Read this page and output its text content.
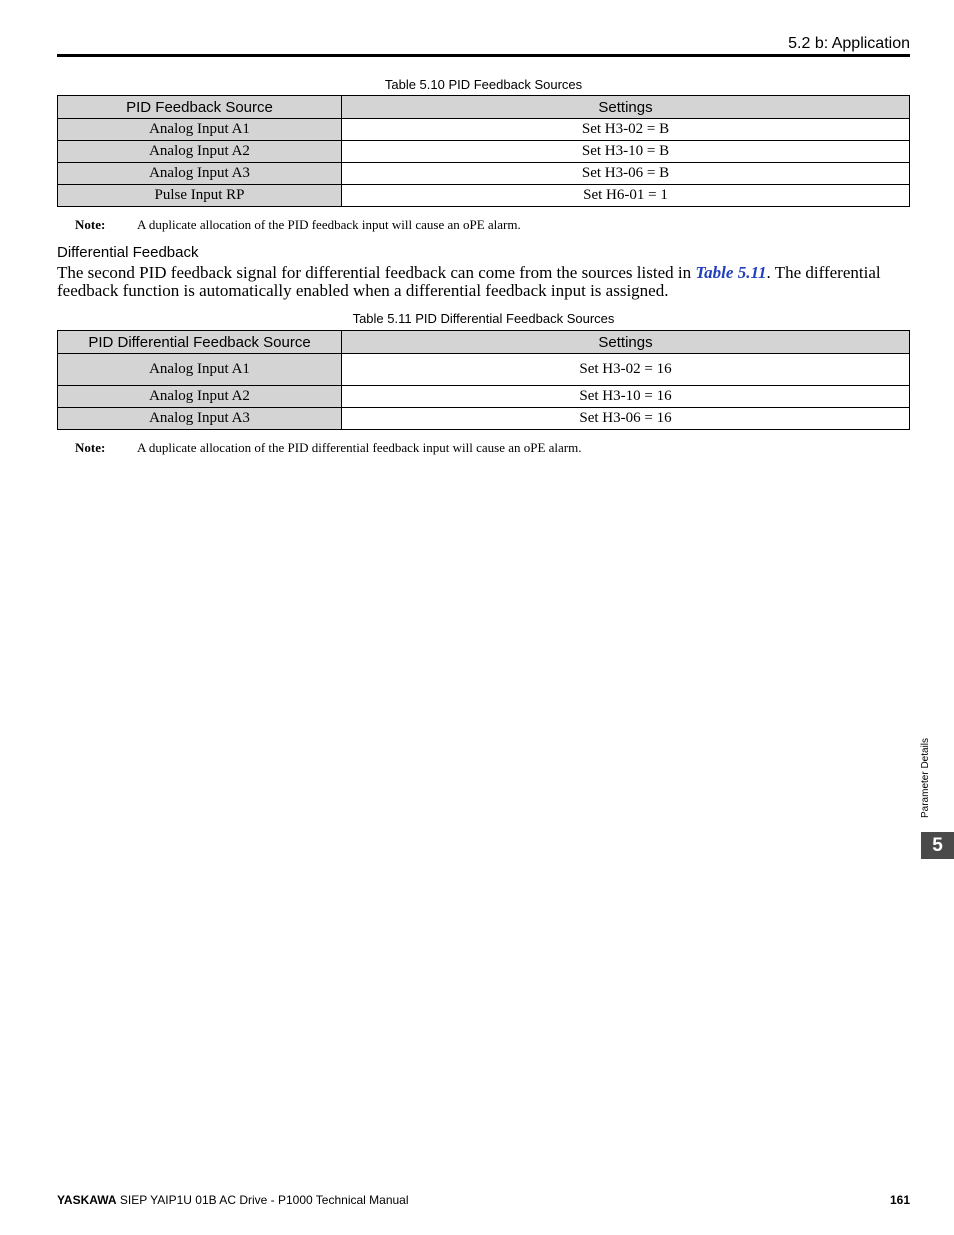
5.2 b: Application
Table 5.10 PID Feedback Sources
PID Feedback Source	Settings
Analog Input A1	Set H3-02 = B
Analog Input A2	Set H3-10 = B
Analog Input A3	Set H3-06 = B
Pulse Input RP	Set H6-01 = 1
Note: A duplicate allocation of the PID feedback input will cause an oPE alarm.
Differential Feedback
The second PID feedback signal for differential feedback can come from the sources listed in Table 5.11. The differential feedback function is automatically enabled when a differential feedback input is assigned.
Table 5.11 PID Differential Feedback Sources
PID Differential Feedback Source	Settings
Analog Input A1	Set H3-02 = 16
Analog Input A2	Set H3-10 = 16
Analog Input A3	Set H3-06 = 16
Note: A duplicate allocation of the PID differential feedback input will cause an oPE alarm.
Parameter Details
5
YASKAWA SIEP YAIP1U 01B AC Drive - P1000 Technical Manual	161
